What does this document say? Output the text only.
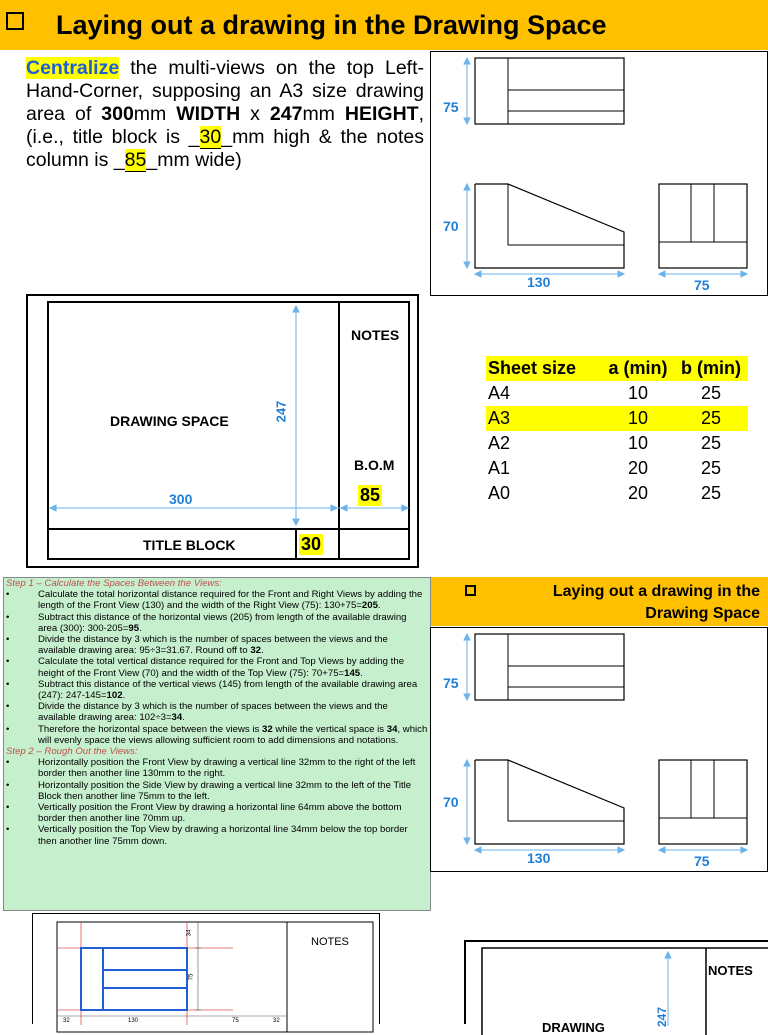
Laying out a drawing in the Drawing Space
Centralize the multi-views on the top Left-Hand-Corner, supposing an A3 size drawing area of 300mm WIDTH x 247mm HEIGHT, (i.e., title block is _30_mm high & the notes column is _85_mm wide)
75
70
130	75
NOTES
DRAWING SPACE	247
B.O.M
85
300
TITLE BLOCK	30
Sheet size	a (min) b (min)
A4	10	25
A3	10	25
A2	10	25
A1	20	25
A0	20	25
Step 1 – Calculate the Spaces Between the Views:
• Calculate the total horizontal distance required for the Front and Right Views by adding the length of the Front View (130) and the width of the Right View (75): 130+75=205.
• Subtract this distance of the horizontal views (205) from length of the available drawing area (300): 300-205=95.
• Divide the distance by 3 which is the number of spaces between the views and the available drawing area: 95÷3=31.67. Round off to 32.
• Calculate the total vertical distance required for the Front and Top Views by adding the height of the Front View (70) and the width of the Top View (75): 70+75=145.
• Subtract this distance of the vertical views (145) from length of the available drawing area (247): 247-145=102.
• Divide the distance by 3 which is the number of spaces between the views and the available drawing area: 102÷3=34.
• Therefore the horizontal space between the views is 32 while the vertical space is 34, which will evenly space the views allowing sufficient room to add dimensions and notations.
Step 2 – Rough Out the Views:
• Horizontally position the Front View by drawing a vertical line 32mm to the right of the left border then another line 130mm to the right.
• Horizontally position the Side View by drawing a vertical line 32mm to the left of the Title Block then another line 75mm to the left.
• Vertically position the Front View by drawing a horizontal line 64mm above the bottom border then another line 70mm up.
• Vertically position the Top View by drawing a horizontal line 34mm below the top border then another line 75mm down.
Laying out a drawing in the
Drawing Space
75
70
130	75
NOTES
34
75
32	130	75	32
NOTES
DRAWING
247
